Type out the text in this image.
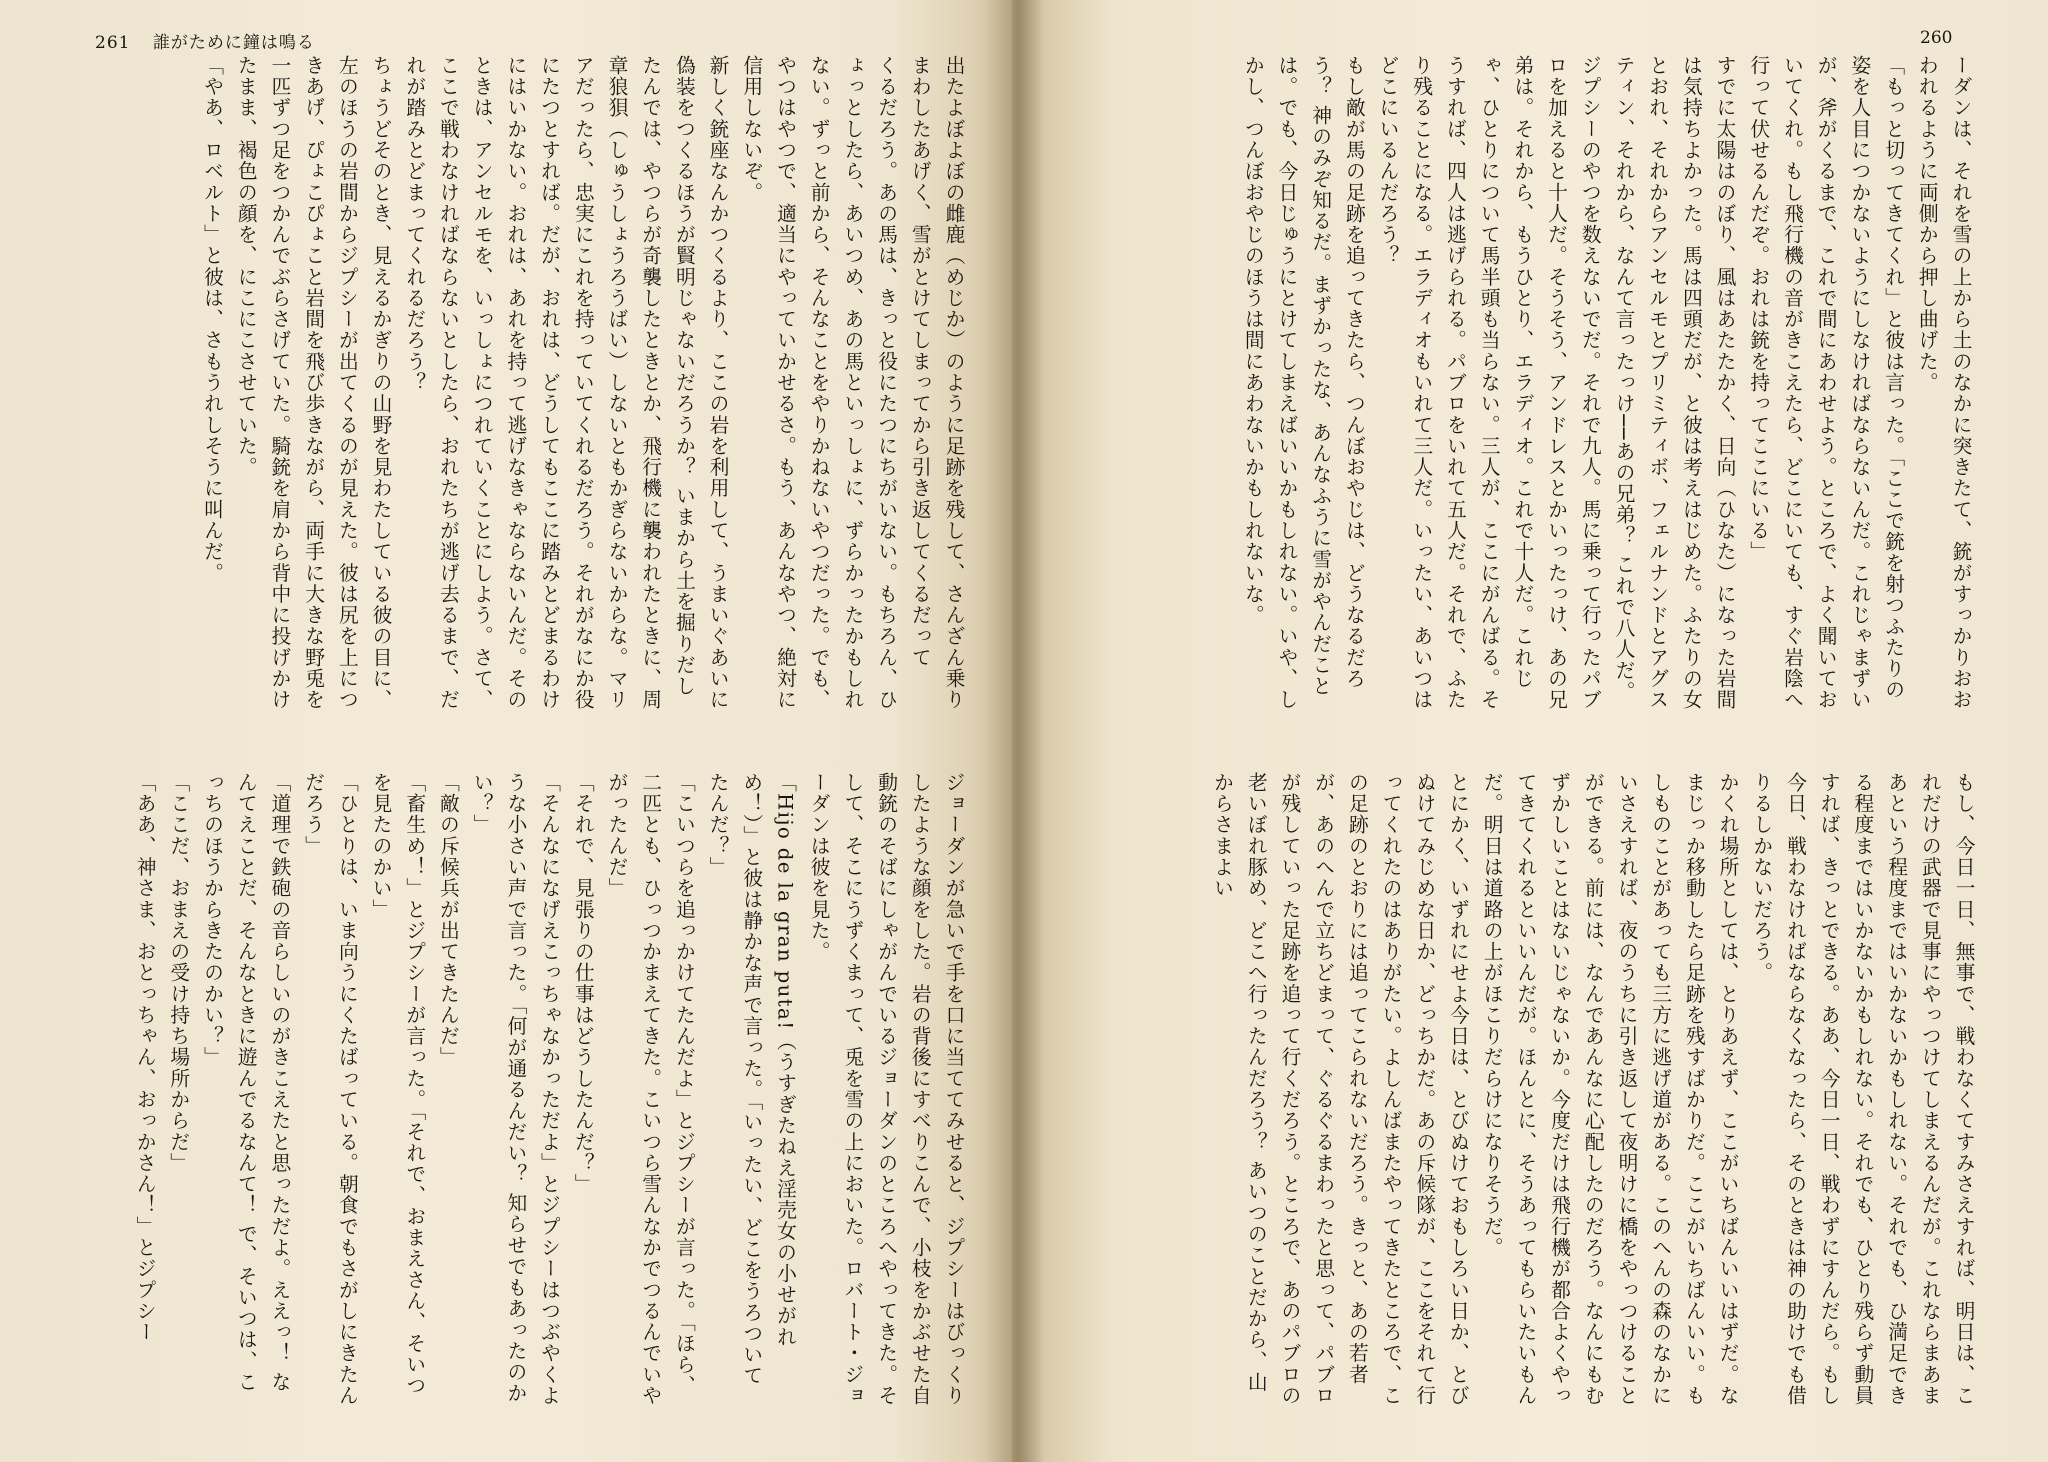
261 誰がために鐘は鳴る	260

ーダンは、それを雪の上から土のなかに突きたて、銃がすっかりおおわれるように両側から押し曲げた。

「もっと切ってきてくれ」と彼は言った。「ここで銃を射つふたりの姿を人目につかないようにしなければならないんだ。これじゃまずいが、斧がくるまで、これで間にあわせよう。ところで、よく聞いておいてくれ。もし飛行機の音がきこえたら、どこにいても、すぐ岩陰へ行って伏せるんだぞ。おれは銃を持ってここにいる」

すでに太陽はのぼり、風はあたたかく、日向（ひなた）になった岩間は気持ちよかった。馬は四頭だが、と彼は考えはじめた。ふたりの女とおれ、それからアンセルモとプリミティボ、フェルナンドとアグスティン、それから、なんて言ったっけ──あの兄弟？ これで八人だ。ジプシーのやつを数えないでだ。それで九人。馬に乗って行ったパブロを加えると十人だ。そうそう、アンドレスとかいったっけ、あの兄弟は。それから、もうひとり、エラディオ。これで十人だ。これじゃ、ひとりについて馬半頭も当らない。三人が、ここにがんばる。そうすれば、四人は逃げられる。パブロをいれて五人だ。それで、ふたり残ることになる。エラディオもいれて三人だ。いったい、あいつはどこにいるんだろう？

もし敵が馬の足跡を追ってきたら、つんぼおやじは、どうなるだろう？ 神のみぞ知るだ。まずかったな、あんなふうに雪がやんだことは。でも、今日じゅうにとけてしまえばいいかもしれない。いや、しかし、つんぼおやじのほうは間にあわないかもしれないな。

もし、今日一日、無事で、戦わなくてすみさえすれば、明日は、これだけの武器で見事にやっつけてしまえるんだが。これならまあまあという程度まではいかないかもしれない。それでも、ひ満足できる程度まではいかないかもしれない。それでも、ひとり残らず動員すれば、きっとできる。ああ、今日一日、戦わずにすんだら。もし今日、戦わなければならなくなったら、そのときは神の助けでも借りるしかないだろう。

かくれ場所としては、とりあえず、ここがいちばんいいはずだ。なまじっか移動したら足跡を残すばかりだ。ここがいちばんいい。もしものことがあっても三方に逃げ道がある。このへんの森のなかにいさえすれば、夜のうちに引き返して夜明けに橋をやっつけることができる。前には、なんであんなに心配したのだろう。なんにもむずかしいことはないじゃないか。今度だけは飛行機が都合よくやってきてくれるといいんだが。ほんとに、そうあってもらいたいもんだ。明日は道路の上がほこりだらけになりそうだ。

とにかく、いずれにせよ今日は、とびぬけておもしろい日か、とびぬけてみじめな日か、どっちかだ。あの斥候隊が、ここをそれて行ってくれたのはありがたい。よしんばまたやってきたところで、この足跡のとおりには追ってこられないだろう。きっと、あの若者が、あのへんで立ちどまって、ぐるぐるまわったと思って、パブロが残していった足跡を追って行くだろう。ところで、あのパブロの老いぼれ豚め、どこへ行ったんだろう？ あいつのことだから、山からさまよい

出たよぼよぼの雌鹿（めじか）のように足跡を残して、さんざん乗りまわしたあげく、雪がとけてしまってから引き返してくるだって

くるだろう。あの馬は、きっと役にたつにちがいない。もちろん、ひょっとしたら、あいつめ、あの馬といっしょに、ずらかったかもしれない。ずっと前から、そんなことをやりかねないやつだった。でも、やつはやつで、適当にやっていかせるさ。もう、あんなやつ、絶対に信用しないぞ。

新しく銃座なんかつくるより、ここの岩を利用して、うまいぐあいに偽装をつくるほうが賢明じゃないだろうか？ いまから土を掘りだしたんでは、やつらが奇襲したときとか、飛行機に襲われたときに、周章狼狽（しゅうしょうろうばい）しないともかぎらないからな。マリアだったら、忠実にこれを持っていてくれるだろう。それがなにか役にたつとすれば。だが、おれは、どうしてもここに踏みとどまるわけにはいかない。おれは、あれを持って逃げなきゃならないんだ。そのときは、アンセルモを、いっしょにつれていくことにしよう。さて、ここで戦わなければならないとしたら、おれたちが逃げ去るまで、だれが踏みとどまってくれるだろう？

ちょうどそのとき、見えるかぎりの山野を見わたしている彼の目に、左のほうの岩間からジプシーが出てくるのが見えた。彼は尻を上につきあげ、ぴょこぴょこと岩間を飛び歩きながら、両手に大きな野兎を一匹ずつ足をつかんでぶらさげていた。騎銃を肩から背中に投げかけたまま、褐色の顔を、にこにこさせていた。

「やあ、ロベルト」と彼は、さもうれしそうに叫んだ。

ジョーダンが急いで手を口に当ててみせると、ジプシーはびっくりしたような顔をした。岩の背後にすべりこんで、小枝をかぶせた自動銃のそばにしゃがんでいるジョーダンのところへやってきた。そして、そこにうずくまって、兎を雪の上においた。ロバート・ジョーダンは彼を見た。

「Hijo de la gran puta!（うすぎたねえ淫売女の小せがれめ！）」と彼は静かな声で言った。「いったい、どこをうろついてたんだ？」

「こいつらを追っかけてたんだよ」とジプシーが言った。「ほら、二匹とも、ひっつかまえてきた。こいつら雪んなかでつるんでいやがったんだ」

「それで、見張りの仕事はどうしたんだ？」

「そんなになげえこっちゃなかっただよ」とジプシーはつぶやくような小さい声で言った。「何が通るんだい？ 知らせでもあったのかい？」

「敵の斥候兵が出てきたんだ」

「畜生め！」とジプシーが言った。「それで、おまえさん、そいつを見たのかい」

「ひとりは、いま向うにくたばっている。朝食でもさがしにきたんだろう」

「道理で鉄砲の音らしいのがきこえたと思っただよ。ええっ！ なんてえことだ、そんなときに遊んでるなんて！ で、そいつは、こっちのほうからきたのかい？」

「ここだ、おまえの受け持ち場所からだ」

「ああ、神さま、おとっちゃん、おっかさん！」とジプシー
